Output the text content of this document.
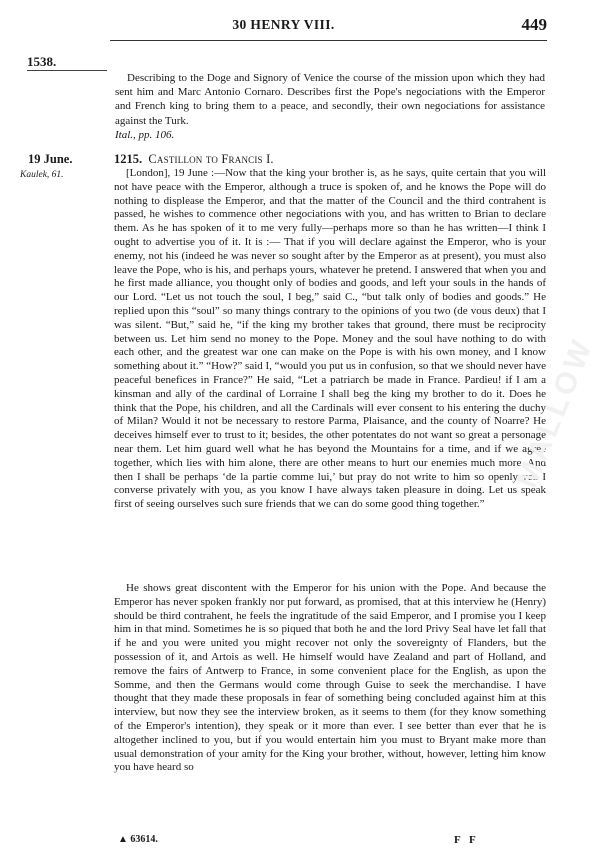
30 HENRY VIII.	449
1538.
Describing to the Doge and Signory of Venice the course of the mission upon which they had sent him and Marc Antonio Cornaro. Describes first the Pope's negociations with the Emperor and French king to bring them to a peace, and secondly, their own negociations for assistance against the Turk.
Ital., pp. 106.
19 June.
Kaulek, 61.
1215. Castillon to Francis I.
[London], 19 June :—Now that the king your brother is, as he says, quite certain that you will not have peace with the Emperor, although a truce is spoken of, and he knows the Pope will do nothing to displease the Emperor, and that the matter of the Council and the third contrahent is passed, he wishes to commence other negociations with you, and has written to Brian to declare them. As he has spoken of it to me very fully—perhaps more so than he has written—I think I ought to advertise you of it. It is :— That if you will declare against the Emperor, who is your enemy, not his (indeed he was never so sought after by the Emperor as at present), you must also leave the Pope, who is his, and perhaps yours, whatever he pretend. I answered that when you and he first made alliance, you thought only of bodies and goods, and left your souls in the hands of our Lord. “Let us not touch the soul, I beg,” said C., “but talk only of bodies and goods.” He replied upon this “soul” so many things contrary to the opinions of you two (de vous deux) that I was silent. “But,” said he, “if the king my brother takes that ground, there must be reciprocity between us. Let him send no money to the Pope. Money and the soul have nothing to do with each other, and the greatest war one can make on the Pope is with his own money, and I know something about it.” “How?” said I, “would you put us in confusion, so that we should never have peaceful benefices in France?” He said, “Let a patriarch be made in France. Pardieu! if I am a kinsman and ally of the cardinal of Lorraine I shall beg the king my brother to do it. Does he think that the Pope, his children, and all the Cardinals will ever consent to his entering the duchy of Milan? Would it not be necessary to restore Parma, Plaisance, and the county of Noarre? He deceives himself ever to trust to it; besides, the other potentates do not want so great a personage near them. Let him guard well what he has beyond the Mountains for a time, and if we agree together, which lies with him alone, there are other means to hurt our enemies much more. And then I shall be perhaps ‘de la partie comme lui,’ but pray do not write to him so openly yet. I converse privately with you, as you know I have always taken pleasure in doing. Let us speak first of seeing ourselves such sure friends that we can do some good thing together.”
He shows great discontent with the Emperor for his union with the Pope. And because the Emperor has never spoken frankly nor put forward, as promised, that at this interview he (Henry) should be third contrahent, he feels the ingratitude of the said Emperor, and I promise you I keep him in that mind. Sometimes he is so piqued that both he and the lord Privy Seal have let fall that if he and you were united you might recover not only the sovereignty of Flanders, but the possession of it, and Artois as well. He himself would have Zealand and part of Holland, and remove the fairs of Antwerp to France, in some convenient place for the English, as upon the Somme, and then the Germans would come through Guise to seek the merchandise. I have thought that they made these proposals in fear of something being concluded against him at this interview, but now they see the interview broken, as it seems to them (for they know something of the Emperor's intention), they speak or it more than ever. I see better than ever that he is altogether inclined to you, but if you would entertain him you must to Bryant make more than usual demonstration of your amity for the King your brother, without, however, letting him know you have heard so
▲ 63614.	F F
MALLOW
